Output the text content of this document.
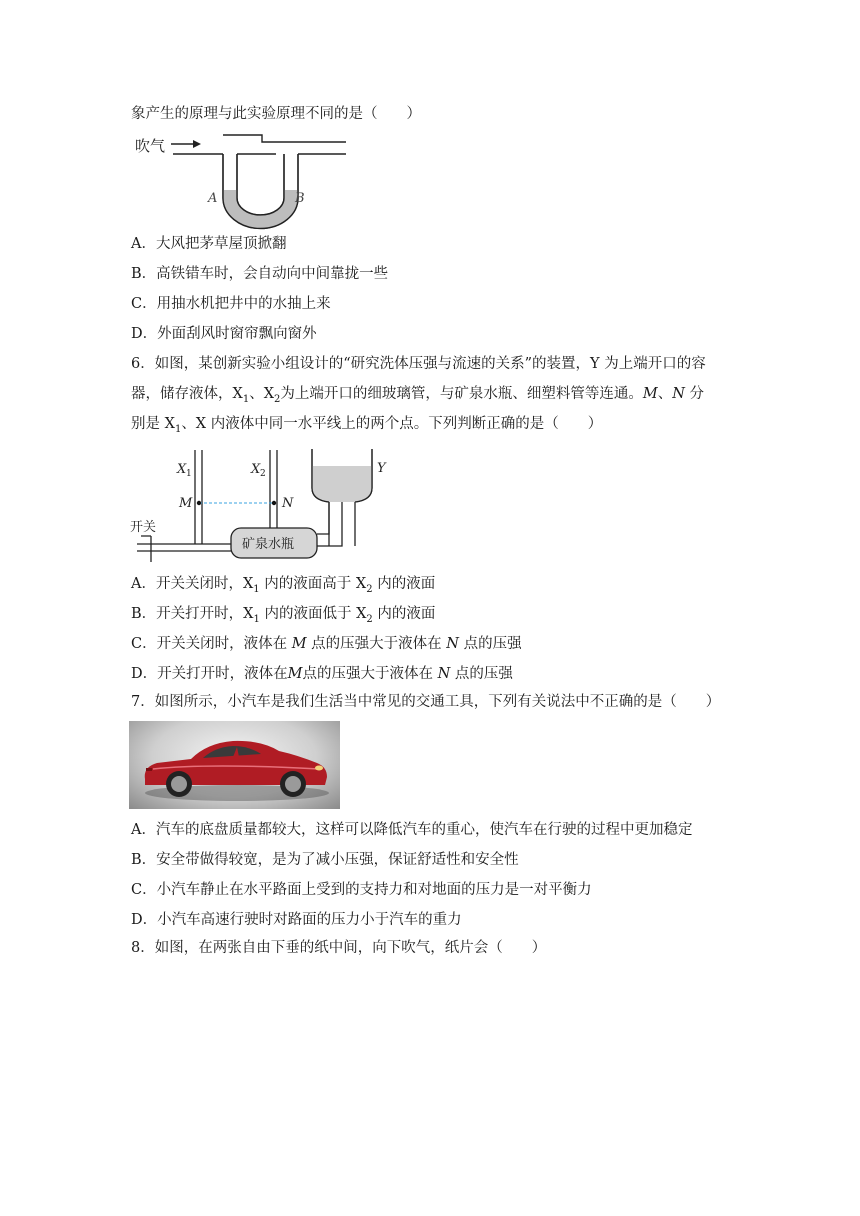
象产生的原理与此实验原理不同的是（　　）
吹气
A	B
A．大风把茅草屋顶掀翻
B．高铁错车时，会自动向中间靠拢一些
C．用抽水机把井中的水抽上来
D．外面刮风时窗帘飘向窗外
6．如图，某创新实验小组设计的“研究洗体压强与流速的关系”的装置，Y 为上端开口的容
器，储存液体，$X_1$、$X_2$为上端开口的细玻璃管，与矿泉水瓶、细塑料管等连通。M、N 分
别是 $X_1$、X 内液体中同一水平线上的两个点。下列判断正确的是（　　）
X 1	X 2	Y
M	N
开关
矿泉水瓶
A．开关关闭时，$X_1$ 内的液面高于 $X_2$ 内的液面
B．开关打开时，$X_1$ 内的液面低于 $X_2$ 内的液面
C．开关关闭时，液体在 M 点的压强大于液体在 N 点的压强
D．开关打开时，液体在M点的压强大于液体在 N 点的压强
7．如图所示，小汽车是我们生活当中常见的交通工具，下列有关说法中不正确的是（　　）
A．汽车的底盘质量都较大，这样可以降低汽车的重心，使汽车在行驶的过程中更加稳定
B．安全带做得较宽，是为了减小压强，保证舒适性和安全性
C．小汽车静止在水平路面上受到的支持力和对地面的压力是一对平衡力
D．小汽车高速行驶时对路面的压力小于汽车的重力
8．如图，在两张自由下垂的纸中间，向下吹气，纸片会（　　）
